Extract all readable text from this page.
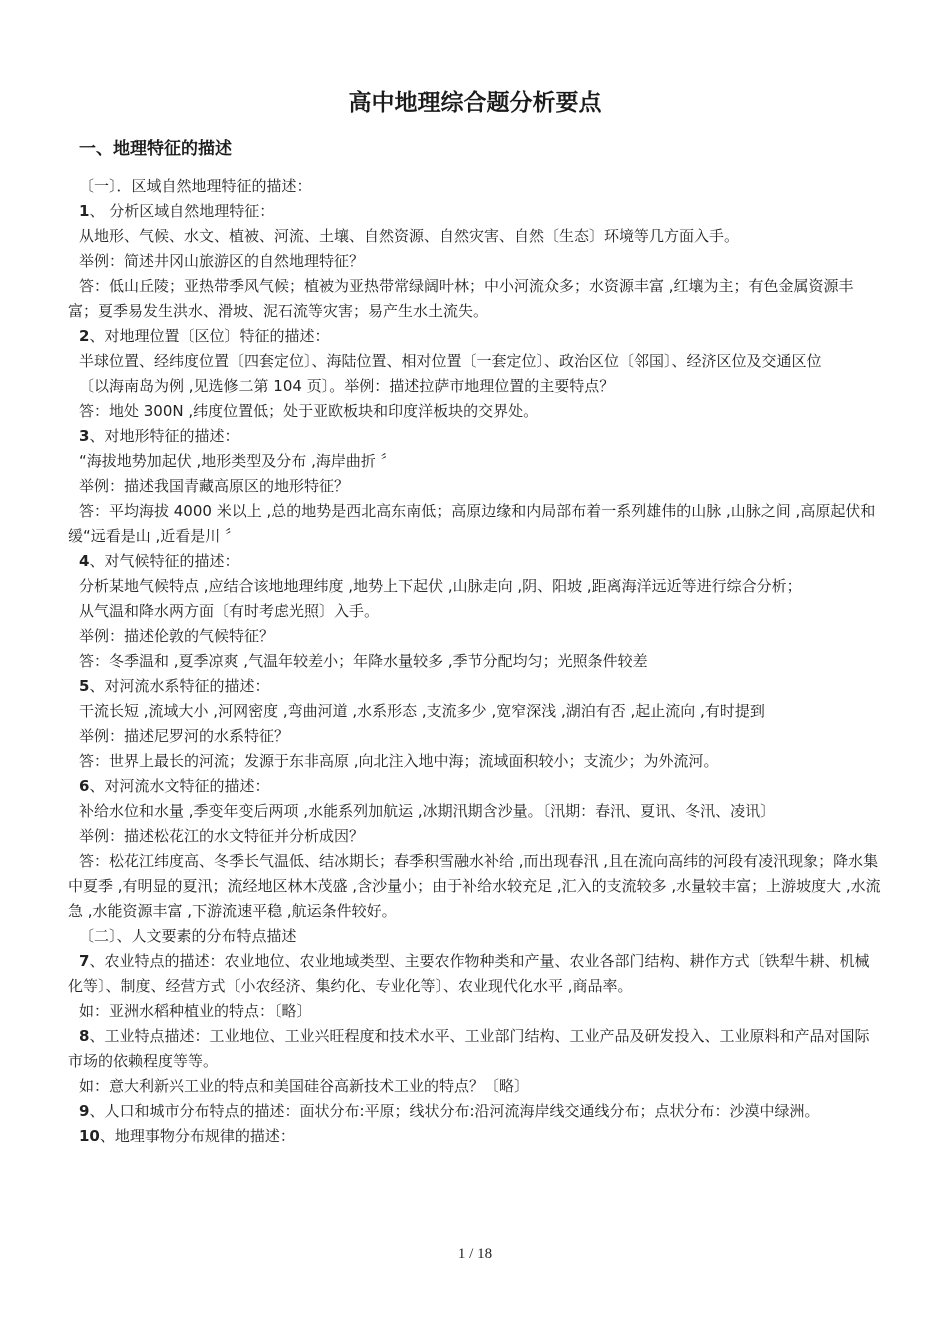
高中地理综合题分析要点
一、地理特征的描述

〔一〕．区域自然地理特征的描述：

1、 分析区域自然地理特征：

从地形、气候、水文、植被、河流、土壤、自然资源、自然灾害、自然〔生态〕环境等几方面入手。

举例：简述井冈山旅游区的自然地理特征？

答：低山丘陵；亚热带季风气候；植被为亚热带常绿阔叶林；中小河流众多；水资源丰富 ,红壤为主；有色金属资源丰富；夏季易发生洪水、滑坡、泥石流等灾害；易产生水土流失。

2、对地理位置〔区位〕特征的描述：

半球位置、经纬度位置〔四套定位〕、海陆位置、相对位置〔一套定位〕、政治区位〔邻国〕、经济区位及交通区位

〔以海南岛为例 ,见选修二第 104 页〕。举例：描述拉萨市地理位置的主要特点？

答：地处 300N ,纬度位置低；处于亚欧板块和印度洋板块的交界处。

3、对地形特征的描述：

“海拔地势加起伏 ,地形类型及分布 ,海岸曲折 〞

举例：描述我国青藏高原区的地形特征？

答：平均海拔 4000 米以上 ,总的地势是西北高东南低；高原边缘和内局部布着一系列雄伟的山脉 ,山脉之间 ,高原起伏和缓“远看是山 ,近看是川 〞

4、对气候特征的描述：

分析某地气候特点 ,应结合该地地理纬度 ,地势上下起伏 ,山脉走向 ,阴、阳坡 ,距离海洋远近等进行综合分析；

从气温和降水两方面〔有时考虑光照〕入手。

举例：描述伦敦的气候特征？

答：冬季温和 ,夏季凉爽 ,气温年较差小；年降水量较多 ,季节分配均匀；光照条件较差

5、对河流水系特征的描述：

干流长短 ,流域大小 ,河网密度 ,弯曲河道 ,水系形态 ,支流多少 ,宽窄深浅 ,湖泊有否 ,起止流向 ,有时提到

举例：描述尼罗河的水系特征？

答：世界上最长的河流；发源于东非高原 ,向北注入地中海；流域面积较小；支流少；为外流河。

6、对河流水文特征的描述：

补给水位和水量 ,季变年变后两项 ,水能系列加航运 ,冰期汛期含沙量。〔汛期：春汛、夏讯、冬汛、凌讯〕

举例：描述松花江的水文特征并分析成因？

答：松花江纬度高、冬季长气温低、结冰期长；春季积雪融水补给 ,而出现春汛 ,且在流向高纬的河段有凌汛现象；降水集中夏季 ,有明显的夏汛；流经地区林木茂盛 ,含沙量小；由于补给水较充足 ,汇入的支流较多 ,水量较丰富；上游坡度大 ,水流急 ,水能资源丰富 ,下游流速平稳 ,航运条件较好。

〔二〕、人文要素的分布特点描述

7、农业特点的描述：农业地位、农业地域类型、主要农作物种类和产量、农业各部门结构、耕作方式〔铁犁牛耕、机械化等〕、制度、经营方式〔小农经济、集约化、专业化等〕、农业现代化水平 ,商品率。

如：亚洲水稻种植业的特点：〔略〕

8、工业特点描述：工业地位、工业兴旺程度和技术水平、工业部门结构、工业产品及研发投入、工业原料和产品对国际市场的依赖程度等等。

如：意大利新兴工业的特点和美国硅谷高新技术工业的特点？〔略〕

9、人口和城市分布特点的描述：面状分布:平原；线状分布:沿河流海岸线交通线分布；点状分布：沙漠中绿洲。

10、地理事物分布规律的描述：

1 / 18
